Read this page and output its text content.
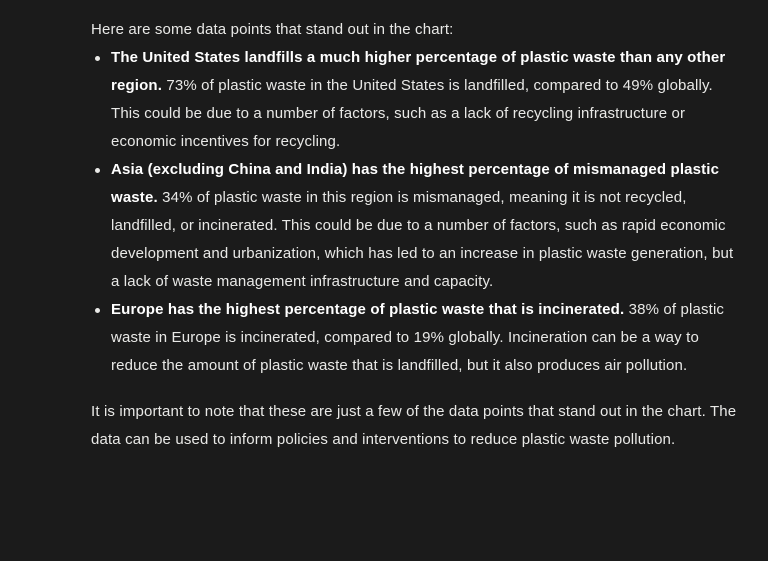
Here are some data points that stand out in the chart:

The United States landfills a much higher percentage of plastic waste than any other region. 73% of plastic waste in the United States is landfilled, compared to 49% globally. This could be due to a number of factors, such as a lack of recycling infrastructure or economic incentives for recycling.
Asia (excluding China and India) has the highest percentage of mismanaged plastic waste. 34% of plastic waste in this region is mismanaged, meaning it is not recycled, landfilled, or incinerated. This could be due to a number of factors, such as rapid economic development and urbanization, which has led to an increase in plastic waste generation, but a lack of waste management infrastructure and capacity.
Europe has the highest percentage of plastic waste that is incinerated. 38% of plastic waste in Europe is incinerated, compared to 19% globally. Incineration can be a way to reduce the amount of plastic waste that is landfilled, but it also produces air pollution.

It is important to note that these are just a few of the data points that stand out in the chart. The data can be used to inform policies and interventions to reduce plastic waste pollution.
